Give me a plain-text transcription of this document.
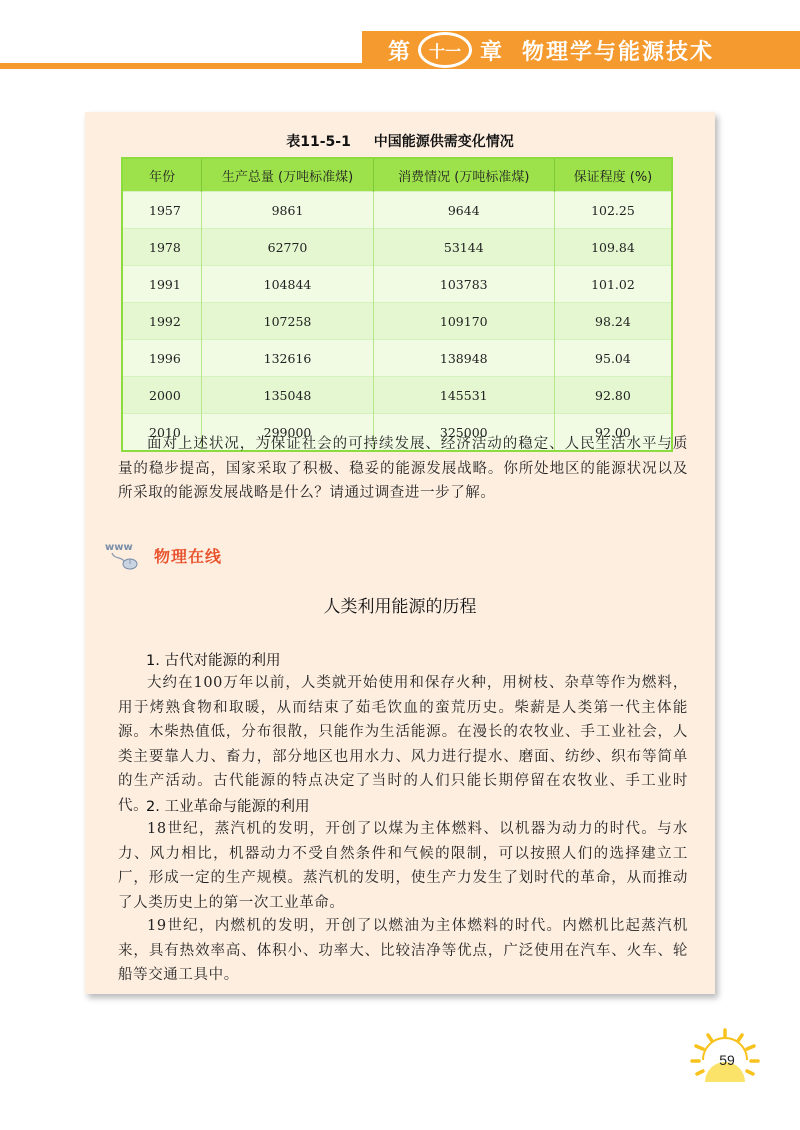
第	十一 章 物理学与能源技术
表11-5-1 中国能源供需变化情况
年份	生产总量 (万吨标准煤)	消费情况 (万吨标准煤)	保证程度 (%)
1957	9861	9644	102.25
1978	62770	53144	109.84
1991	104844	103783	101.02
1992	107258	109170	98.24
1996	132616	138948	95.04
2000	135048	145531	92.80
2010	299000	325000	92.00

面对上述状况，为保证社会的可持续发展、经济活动的稳定、人民生活水平与质量的稳步提高，国家采取了积极、稳妥的能源发展战略。你所处地区的能源状况以及所采取的能源发展战略是什么？请通过调查进一步了解。

www 物理在线
人类利用能源的历程

1. 古代对能源的利用

大约在100万年以前，人类就开始使用和保存火种，用树枝、杂草等作为燃料，用于烤熟食物和取暖，从而结束了茹毛饮血的蛮荒历史。柴薪是人类第一代主体能源。木柴热值低，分布很散，只能作为生活能源。在漫长的农牧业、手工业社会，人类主要靠人力、畜力，部分地区也用水力、风力进行提水、磨面、纺纱、织布等简单的生产活动。古代能源的特点决定了当时的人们只能长期停留在农牧业、手工业时代。

2. 工业革命与能源的利用

18世纪，蒸汽机的发明，开创了以煤为主体燃料、以机器为动力的时代。与水力、风力相比，机器动力不受自然条件和气候的限制，可以按照人们的选择建立工厂，形成一定的生产规模。蒸汽机的发明，使生产力发生了划时代的革命，从而推动了人类历史上的第一次工业革命。

19世纪，内燃机的发明，开创了以燃油为主体燃料的时代。内燃机比起蒸汽机来，具有热效率高、体积小、功率大、比较洁净等优点，广泛使用在汽车、火车、轮船等交通工具中。

59
